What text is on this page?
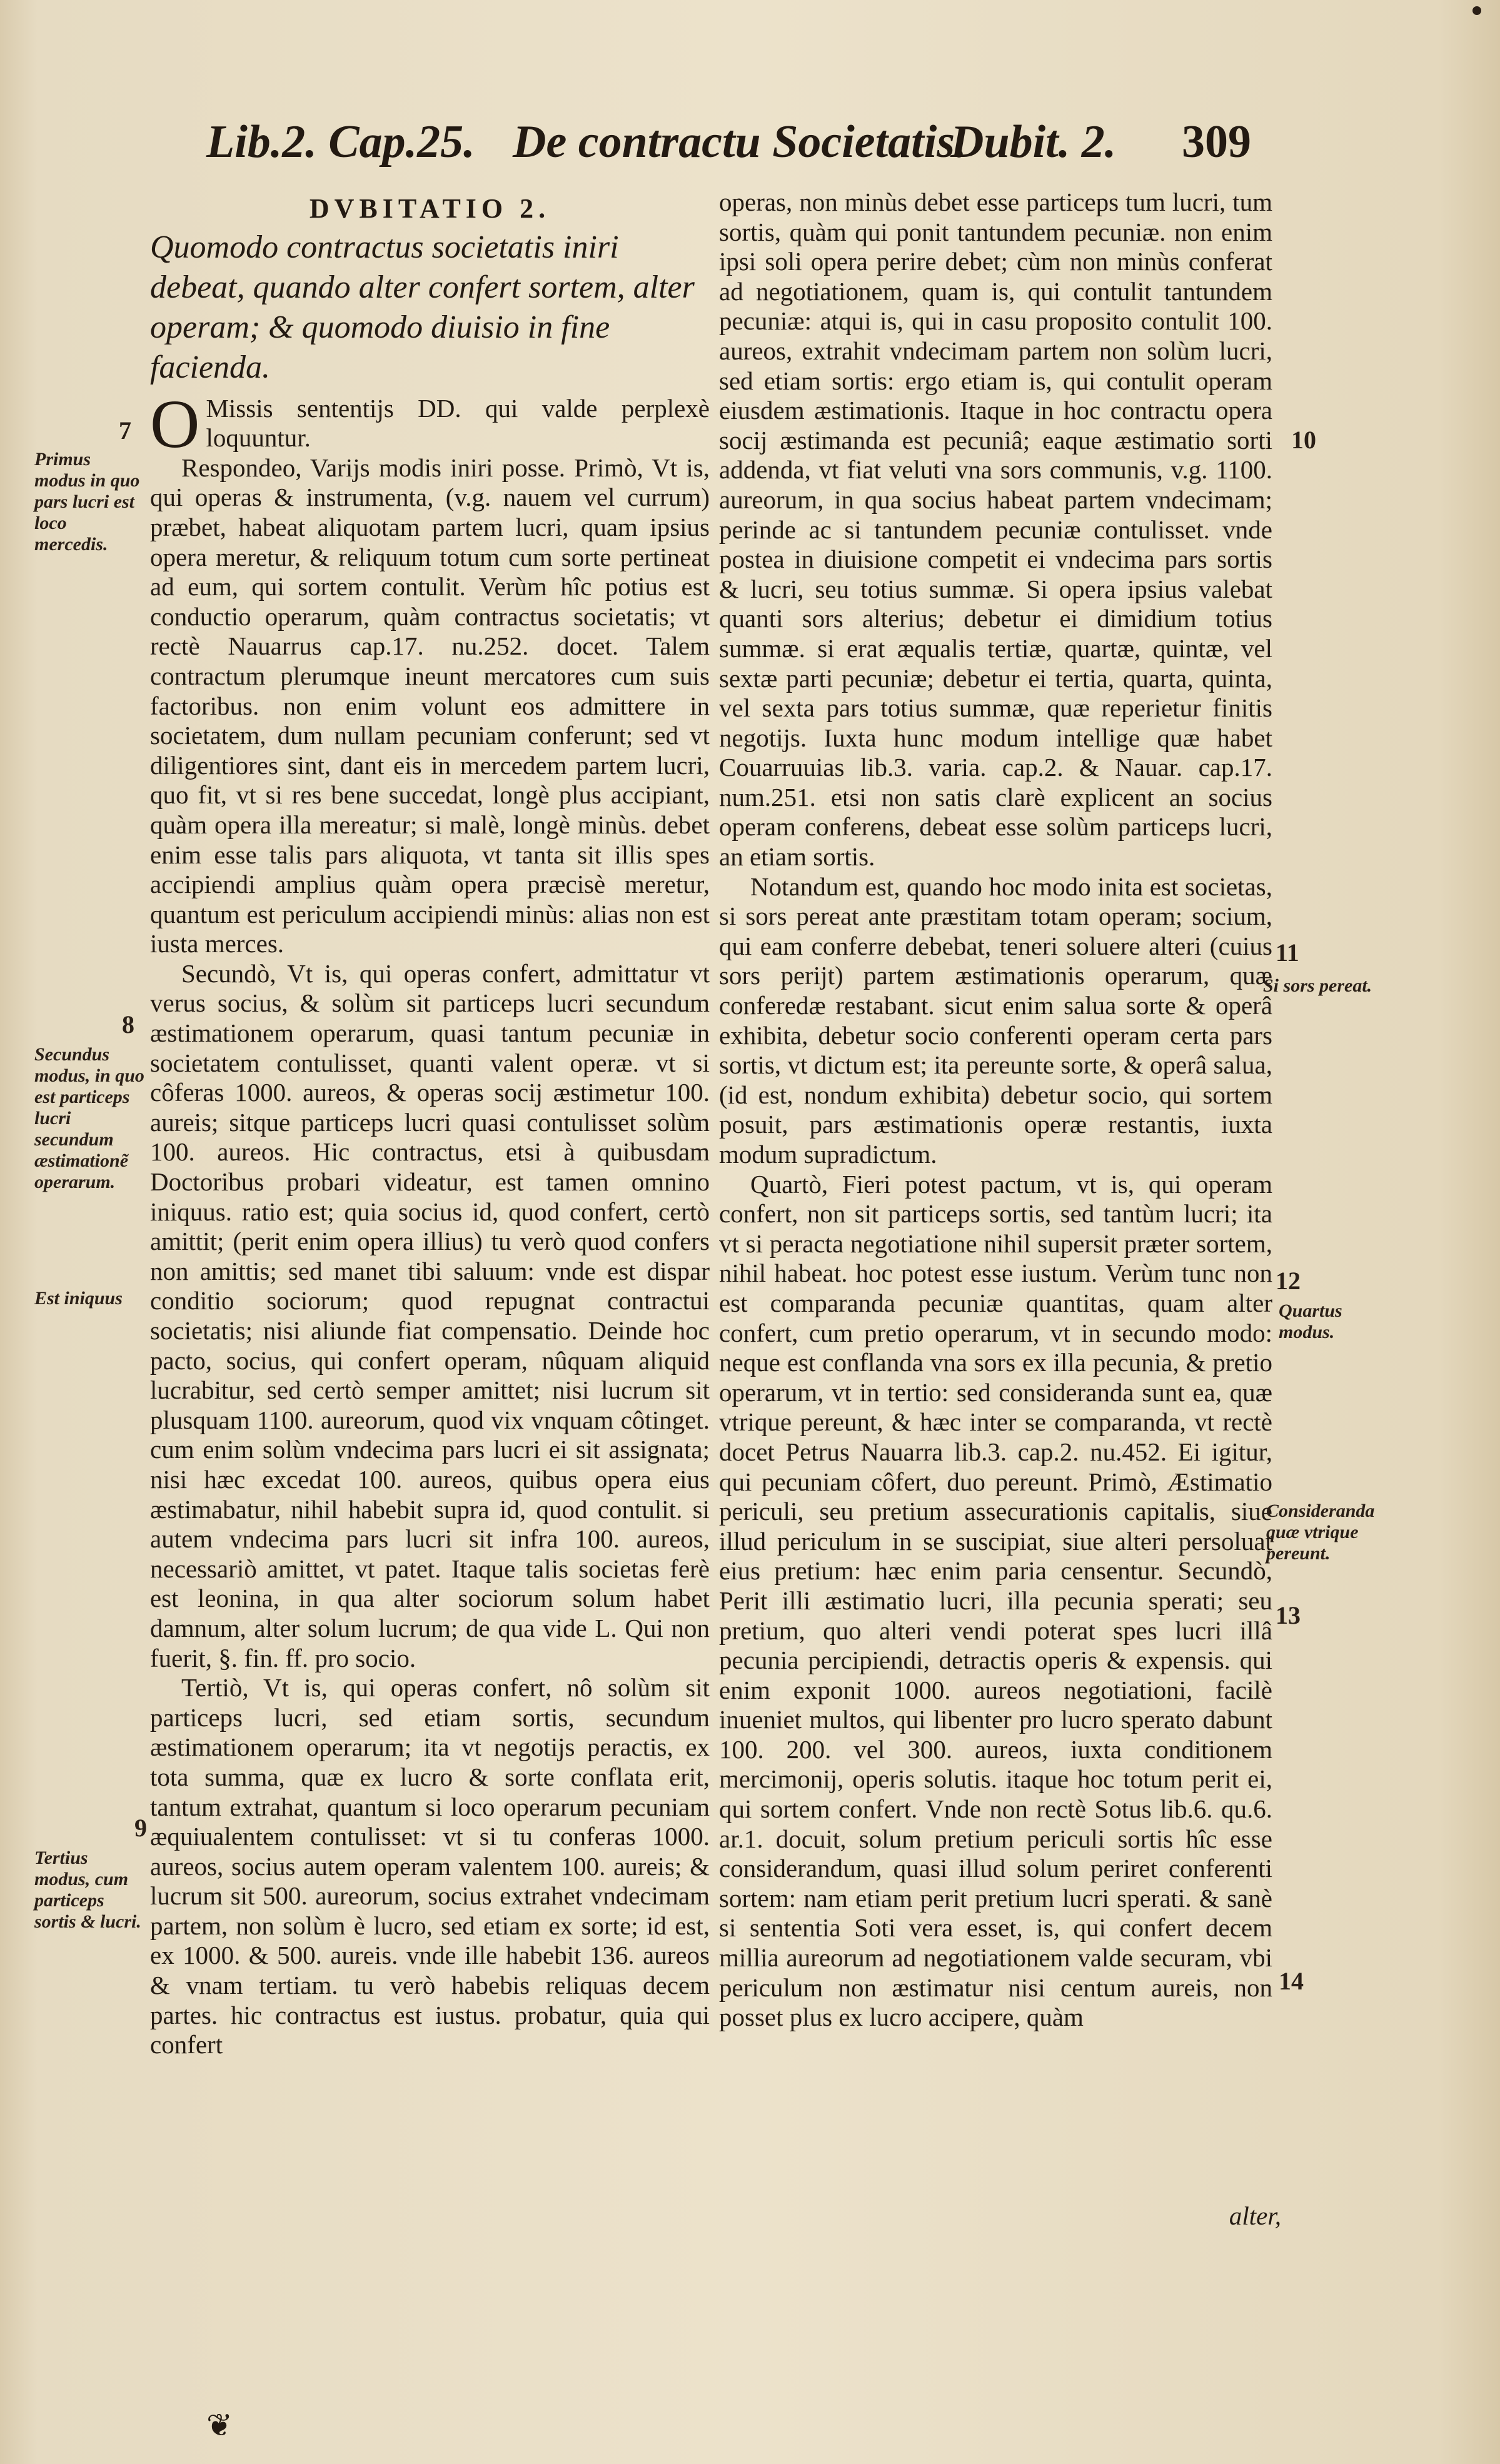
Lib.2. Cap.25. De contractu Societatis.
Dubit. 2. 309

DVBITATIO 2.

Quomodo contractus societatis iniri debeat, quando alter confert sortem, alter operam; & quomodo diuisio in fine facienda.

O Missis sententijs DD. qui valde perplexè loquuntur.

Respondeo, Varijs modis iniri posse. Primò, Vt is, qui operas & instrumenta, (v.g. nauem vel currum) præbet, habeat aliquotam partem lucri, quam ipsius opera meretur, & reliquum totum cum sorte pertineat ad eum, qui sortem contulit. Verùm hîc potius est conductio operarum, quàm contractus societatis; vt rectè Nauarrus cap.17. nu.252. docet. Talem contractum plerumque ineunt mercatores cum suis factoribus. non enim volunt eos admittere in societatem, dum nullam pecuniam conferunt; sed vt diligentiores sint, dant eis in mercedem partem lucri, quo fit, vt si res bene succedat, longè plus accipiant, quàm opera illa mereatur; si malè, longè minùs. debet enim esse talis pars aliquota, vt tanta sit illis spes accipiendi amplius quàm opera præcisè meretur, quantum est periculum accipiendi minùs: alias non est iusta merces.

Secundò, Vt is, qui operas confert, admittatur vt verus socius, & solùm sit particeps lucri secundum æstimationem operarum, quasi tantum pecuniæ in societatem contulisset, quanti valent operæ. vt si côferas 1000. aureos, & operas socij æstimetur 100. aureis; sitque particeps lucri quasi contulisset solùm 100. aureos. Hic contractus, etsi à quibusdam Doctoribus probari videatur, est tamen omnino iniquus. ratio est; quia socius id, quod confert, certò amittit; (perit enim opera illius) tu verò quod confers non amittis; sed manet tibi saluum: vnde est dispar conditio sociorum; quod repugnat contractui societatis; nisi aliunde fiat compensatio. Deinde hoc pacto, socius, qui confert operam, nûquam aliquid lucrabitur, sed certò semper amittet; nisi lucrum sit plusquam 1100. aureorum, quod vix vnquam côtinget. cum enim solùm vndecima pars lucri ei sit assignata; nisi hæc excedat 100. aureos, quibus opera eius æstimabatur, nihil habebit supra id, quod contulit. si autem vndecima pars lucri sit infra 100. aureos, necessariò amittet, vt patet. Itaque talis societas ferè est leonina, in qua alter sociorum solum habet damnum, alter solum lucrum; de qua vide L. Qui non fuerit, §. fin. ff. pro socio.

Tertiò, Vt is, qui operas confert, nô solùm sit particeps lucri, sed etiam sortis, secundum æstimationem operarum; ita vt negotijs peractis, ex tota summa, quæ ex lucro & sorte conflata erit, tantum extrahat, quantum si loco operarum pecuniam æquiualentem contulisset: vt si tu conferas 1000. aureos, socius autem operam valentem 100. aureis; & lucrum sit 500. aureorum, socius extrahet vndecimam partem, non solùm è lucro, sed etiam ex sorte; id est, ex 1000. & 500. aureis. vnde ille habebit 136. aureos & vnam tertiam. tu verò habebis reliquas decem partes. hic contractus est iustus. probatur, quia qui confert

operas, non minùs debet esse particeps tum lucri, tum sortis, quàm qui ponit tantundem pecuniæ. non enim ipsi soli opera perire debet; cùm non minùs conferat ad negotiationem, quam is, qui contulit tantundem pecuniæ: atqui is, qui in casu proposito contulit 100. aureos, extrahit vndecimam partem non solùm lucri, sed etiam sortis: ergo etiam is, qui contulit operam eiusdem æstimationis. Itaque in hoc contractu opera socij æstimanda est pecuniâ; eaque æstimatio sorti addenda, vt fiat veluti vna sors communis, v.g. 1100. aureorum, in qua socius habeat partem vndecimam; perinde ac si tantundem pecuniæ contulisset. vnde postea in diuisione competit ei vndecima pars sortis & lucri, seu totius summæ. Si opera ipsius valebat quanti sors alterius; debetur ei dimidium totius summæ. si erat æqualis tertiæ, quartæ, quintæ, vel sextæ parti pecuniæ; debetur ei tertia, quarta, quinta, vel sexta pars totius summæ, quæ reperietur finitis negotijs. Iuxta hunc modum intellige quæ habet Couarruuias lib.3. varia. cap.2. & Nauar. cap.17. num.251. etsi non satis clarè explicent an socius operam conferens, debeat esse solùm particeps lucri, an etiam sortis.

Notandum est, quando hoc modo inita est societas, si sors pereat ante præstitam totam operam; socium, qui eam conferre debebat, teneri soluere alteri (cuius sors perijt) partem æstimationis operarum, quæ conferedæ restabant. sicut enim salua sorte & operâ exhibita, debetur socio conferenti operam certa pars sortis, vt dictum est; ita pereunte sorte, & operâ salua, (id est, nondum exhibita) debetur socio, qui sortem posuit, pars æstimationis operæ restantis, iuxta modum supradictum.

Quartò, Fieri potest pactum, vt is, qui operam confert, non sit particeps sortis, sed tantùm lucri; ita vt si peracta negotiatione nihil supersit præter sortem, nihil habeat. hoc potest esse iustum. Verùm tunc non est comparanda pecuniæ quantitas, quam alter confert, cum pretio operarum, vt in secundo modo: neque est conflanda vna sors ex illa pecunia, & pretio operarum, vt in tertio: sed consideranda sunt ea, quæ vtrique pereunt, & hæc inter se comparanda, vt rectè docet Petrus Nauarra lib.3. cap.2. nu.452. Ei igitur, qui pecuniam côfert, duo pereunt. Primò, Æstimatio periculi, seu pretium assecurationis capitalis, siue illud periculum in se suscipiat, siue alteri persoluat eius pretium: hæc enim paria censentur. Secundò, Perit illi æstimatio lucri, illa pecunia sperati; seu pretium, quo alteri vendi poterat spes lucri illâ pecunia percipiendi, detractis operis & expensis. qui enim exponit 1000. aureos negotiationi, facilè inueniet multos, qui libenter pro lucro sperato dabunt 100. 200. vel 300. aureos, iuxta conditionem mercimonij, operis solutis. itaque hoc totum perit ei, qui sortem confert. Vnde non rectè Sotus lib.6. qu.6. ar.1. docuit, solum pretium periculi sortis hîc esse considerandum, quasi illud solum periret conferenti sortem: nam etiam perit pretium lucri sperati. & sanè si sententia Soti vera esset, is, qui confert decem millia aureorum ad negotiationem valde securam, vbi periculum non æstimatur nisi centum aureis, non posset plus ex lucro accipere, quàm

alter,
7
Primus modus in quo pars lucri est loco mercedis.
8
Secundus modus, in quo est particeps lucri secundum æstimationẽ operarum.
Est iniquus
9
Tertius modus, cum particeps sortis & lucri.
10
11
Si sors pereat.
12
Quartus modus.
Consideranda quæ vtrique pereunt.
13
14
❦
